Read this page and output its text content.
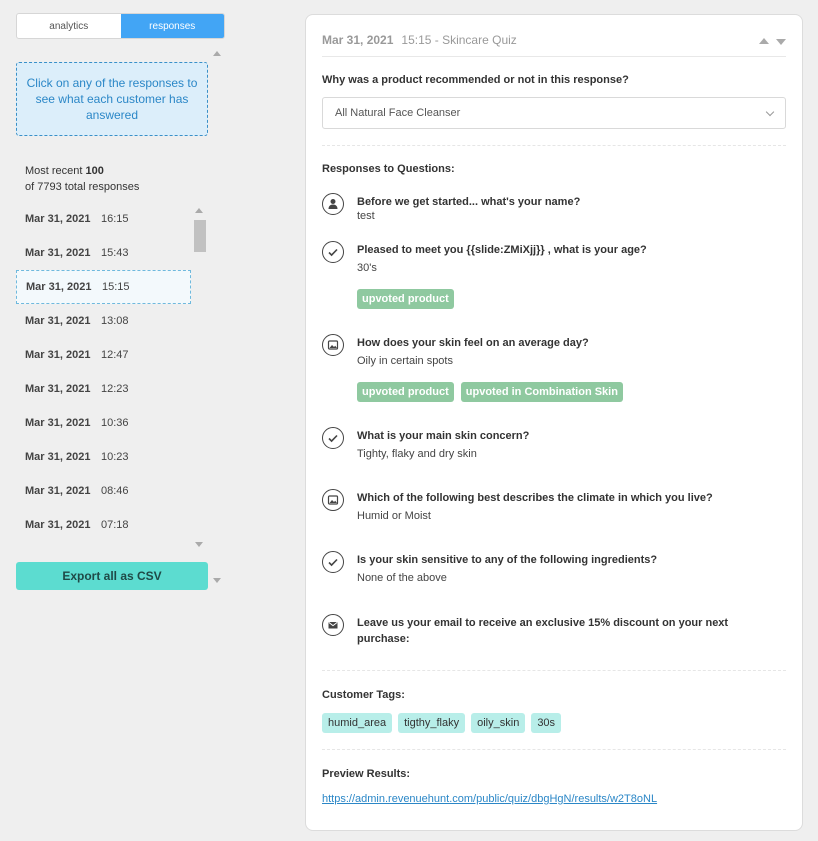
analytics	responses
Click on any of the responses to see what each customer has answered
Most recent 100
of 7793 total responses
Mar 31, 2021 16:15
Mar 31, 2021 15:43
Mar 31, 2021 15:15
Mar 31, 2021 13:08
Mar 31, 2021 12:47
Mar 31, 2021 12:23
Mar 31, 2021 10:36
Mar 31, 2021 10:23
Mar 31, 2021 08:46
Mar 31, 2021 07:18
Export all as CSV
Mar 31, 2021 15:15 - Skincare Quiz
Why was a product recommended or not in this response?
All Natural Face Cleanser
Responses to Questions:
Before we get started... what's your name?
test
Pleased to meet you {{slide:ZMiXjj}} , what is your age?
30's
upvoted product
How does your skin feel on an average day?
Oily in certain spots
upvoted product	upvoted in Combination Skin
What is your main skin concern?
Tighty, flaky and dry skin
Which of the following best describes the climate in which you live?
Humid or Moist
Is your skin sensitive to any of the following ingredients?
None of the above
Leave us your email to receive an exclusive 15% discount on your next purchase:
Customer Tags:
humid_area	tigthy_flaky	oily_skin	30s
Preview Results:
https://admin.revenuehunt.com/public/quiz/dbgHgN/results/w2T8oNL
